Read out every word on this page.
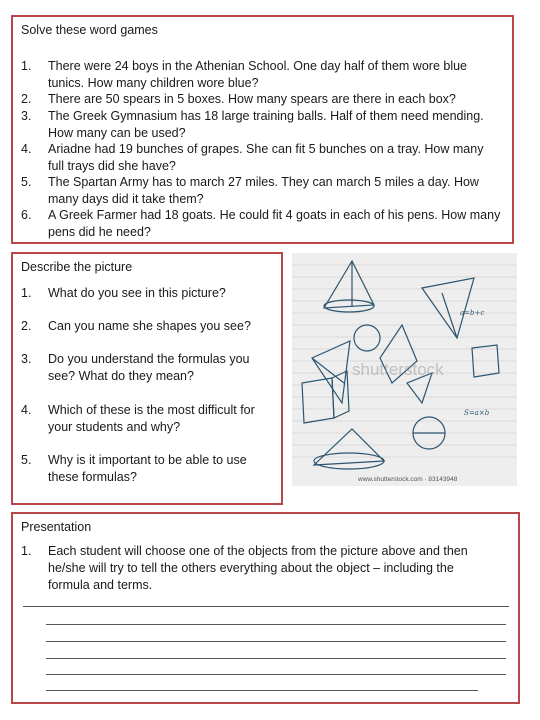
Solve these word games
1. There were 24 boys in the Athenian School. One day half of them wore blue tunics. How many children wore blue?
2. There are 50 spears in 5 boxes. How many spears are there in each box?
3. The Greek Gymnasium has 18 large training balls. Half of them need mending. How many can be used?
4. Ariadne had 19 bunches of grapes. She can fit 5 bunches on a tray. How many full trays did she have?
5. The Spartan Army has to march 27 miles. They can march 5 miles a day. How many days did it take them?
6. A Greek Farmer had 18 goats. He could fit 4 goats in each of his pens. How many pens did he need?
Describe the picture
1. What do you see in this picture?
2. Can you name she shapes you see?
3. Do you understand the formulas you see? What do they mean?
4. Which of these is the most difficult for your students and why?
5. Why is it important to be able to use these formulas?
a=b+c
S=a×b
shutterstock
www.shutterstock.com · 83143948
Presentation
1. Each student will choose one of the objects from the picture above and then he/she will try to tell the others everything about the object – including the formula and terms.
